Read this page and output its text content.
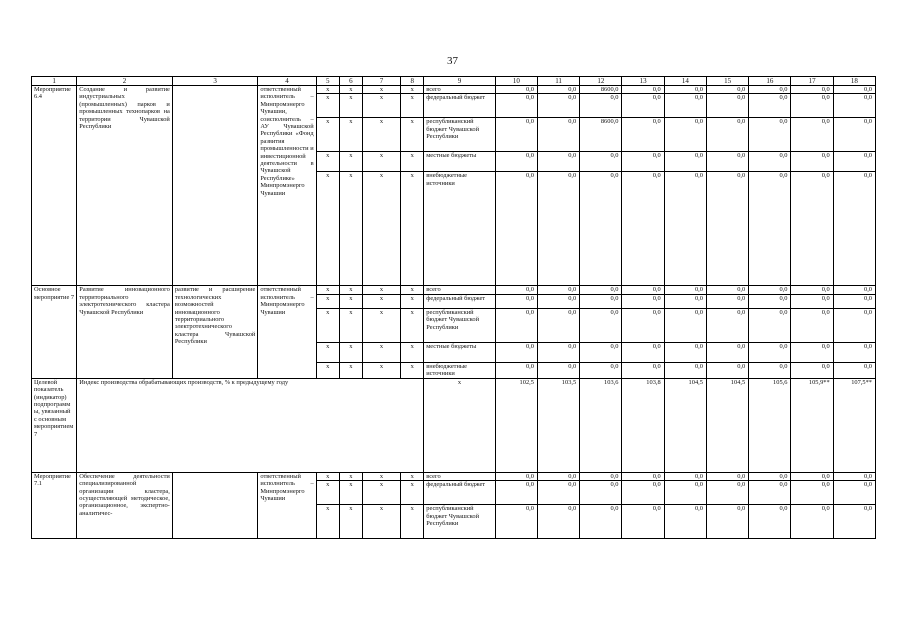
37
1	2	3	4	5	6	7	8	9	10	11	12	13	14	15	16	17	18
Мероприятие 6.4	Создание и развитие индустриальных (промышленных) парков и промышленных технопарков на территории Чувашской Республики		ответственный исполнитель – Минпромэнерго Чувашии, соисполнитель – АУ Чувашской Республики «Фонд развития промышленности и инвестиционной деятельности в Чувашской Республике» Минпромэнерго Чувашии	x	x	x	x	всего	0,0	0,0	8600,0	0,0	0,0	0,0	0,0	0,0	0,0
				x	x	x	x	федеральный бюджет	0,0	0,0	0,0	0,0	0,0	0,0	0,0	0,0	0,0
				x	x	x	x	республиканский бюджет Чувашской Республики	0,0	0,0	8600,0	0,0	0,0	0,0	0,0	0,0	0,0
				x	x	x	x	местные бюджеты	0,0	0,0	0,0	0,0	0,0	0,0	0,0	0,0	0,0
				x	x	x	x	внебюджетные источники	0,0	0,0	0,0	0,0	0,0	0,0	0,0	0,0	0,0
Основное мероприятие 7	Развитие инновационного территориального электротехнического кластера Чувашской Республики	развитие и расширение технологических возможностей инновационного территориального электротехнического кластера Чувашской Республики	ответственный исполнитель – Минпромэнерго Чувашии	x	x	x	x	всего	0,0	0,0	0,0	0,0	0,0	0,0	0,0	0,0	0,0
				x	x	x	x	федеральный бюджет	0,0	0,0	0,0	0,0	0,0	0,0	0,0	0,0	0,0
				x	x	x	x	республиканский бюджет Чувашской Республики	0,0	0,0	0,0	0,0	0,0	0,0	0,0	0,0	0,0
				x	x	x	x	местные бюджеты	0,0	0,0	0,0	0,0	0,0	0,0	0,0	0,0	0,0
				x	x	x	x	внебюджетные источники	0,0	0,0	0,0	0,0	0,0	0,0	0,0	0,0	0,0
Целевой показатель (индикатор) подпрограммы, увязанный с основным мероприятием 7	Индекс производства обрабатывающих производств, % к предыдущему году							x	102,5	103,5	103,6	103,8	104,5	104,5	105,6	105,9**	107,5**
Мероприятие 7.1	Обеспечение деятельности специализированной организации кластера, осуществляющей методическое, организационное, экспертно-аналитичес-		ответственный исполнитель – Минпромэнерго Чувашии	x	x	x	x	всего	0,0	0,0	0,0	0,0	0,0	0,0	0,0	0,0	0,0
				x	x	x	x	федеральный бюджет	0,0	0,0	0,0	0,0	0,0	0,0	0,0	0,0	0,0
				x	x	x	x	республиканский бюджет Чувашской Республики	0,0	0,0	0,0	0,0	0,0	0,0	0,0	0,0	0,0
